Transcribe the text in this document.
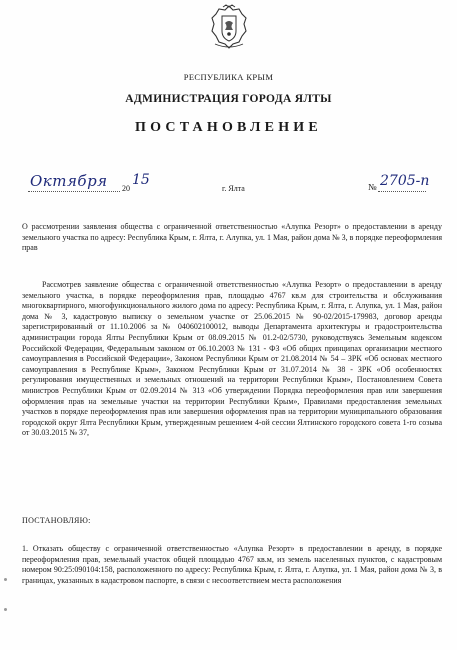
РЕСПУБЛИКА КРЫМ
АДМИНИСТРАЦИЯ ГОРОДА ЯЛТЫ
ПОСТАНОВЛЕНИЕ
Октября 20
15
г. Ялта	№ 2705-п

О рассмотрении заявления общества с ограниченной ответственностью «Алупка Резорт» о предоставлении в аренду земельного участка по адресу: Республика Крым, г. Ялта, г. Алупка, ул. 1 Мая, район дома № 3, в порядке переоформления прав

Рассмотрев заявление общества с ограниченной ответственностью «Алупка Резорт» о предоставлении в аренду земельного участка, в порядке переоформления прав, площадью 4767 кв.м для строительства и обслуживания многоквартирного, многофункционального жилого дома по адресу: Республика Крым, г. Ялта, г. Алупка, ул. 1 Мая, район дома № 3, кадастровую выписку о земельном участке от 25.06.2015 № 90-02/2015-179983, договор аренды зарегистрированный от 11.10.2006 за № 040602100012, выводы Департамента архитектуры и градостроительства администрации города Ялты Республики Крым от 08.09.2015 № 01.2-02/5730, руководствуясь Земельным кодексом Российской Федерации, Федеральным законом от 06.10.2003 № 131 - ФЗ «Об общих принципах организации местного самоуправления в Российской Федерации», Законом Республики Крым от 21.08.2014 № 54 – ЗРК «Об основах местного самоуправления в Республике Крым», Законом Республики Крым от 31.07.2014 № 38 - ЗРК «Об особенностях регулирования имущественных и земельных отношений на территории Республики Крым», Постановлением Совета министров Республики Крым от 02.09.2014 № 313 «Об утверждении Порядка переоформления прав или завершения оформления прав на земельные участки на территории Республики Крым», Правилами предоставления земельных участков в порядке переоформления прав или завершения оформления прав на территории муниципального образования городской округ Ялта Республики Крым, утвержденным решением 4-ой сессии Ялтинского городского совета 1-го созыва от 30.03.2015 № 37,

ПОСТАНОВЛЯЮ:

1. Отказать обществу с ограниченной ответственностью «Алупка Резорт» в предоставлении в аренду, в порядке переоформления прав, земельный участок общей площадью 4767 кв.м, из земель населенных пунктов, с кадастровым номером 90:25:090104:158, расположенного по адресу: Республика Крым, г. Ялта, г. Алупка, ул. 1 Мая, район дома № 3, в границах, указанных в кадастровом паспорте, в связи с несоответствием места расположения
